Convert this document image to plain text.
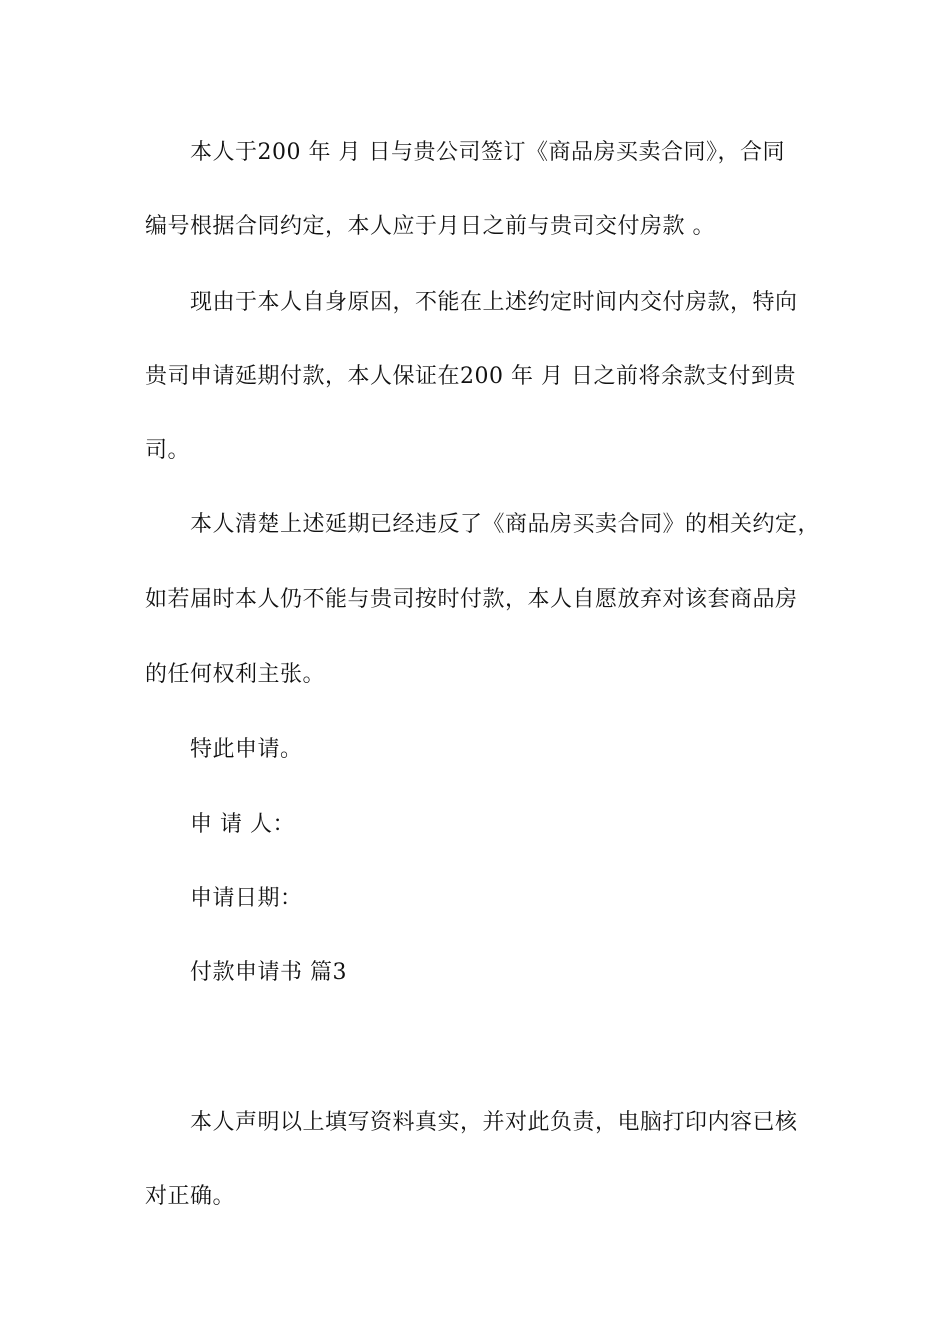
本人于200 年 月 日与贵公司签订《商品房买卖合同》，合同
编号根据合同约定，本人应于月日之前与贵司交付房款 。
现由于本人自身原因，不能在上述约定时间内交付房款，特向
贵司申请延期付款，本人保证在200 年 月 日之前将余款支付到贵
司。
本人清楚上述延期已经违反了《商品房买卖合同》的相关约定，
如若届时本人仍不能与贵司按时付款，本人自愿放弃对该套商品房
的任何权利主张。
特此申请。
申 请 人：
申请日期：
付款申请书 篇3
本人声明以上填写资料真实，并对此负责，电脑打印内容已核
对正确。
